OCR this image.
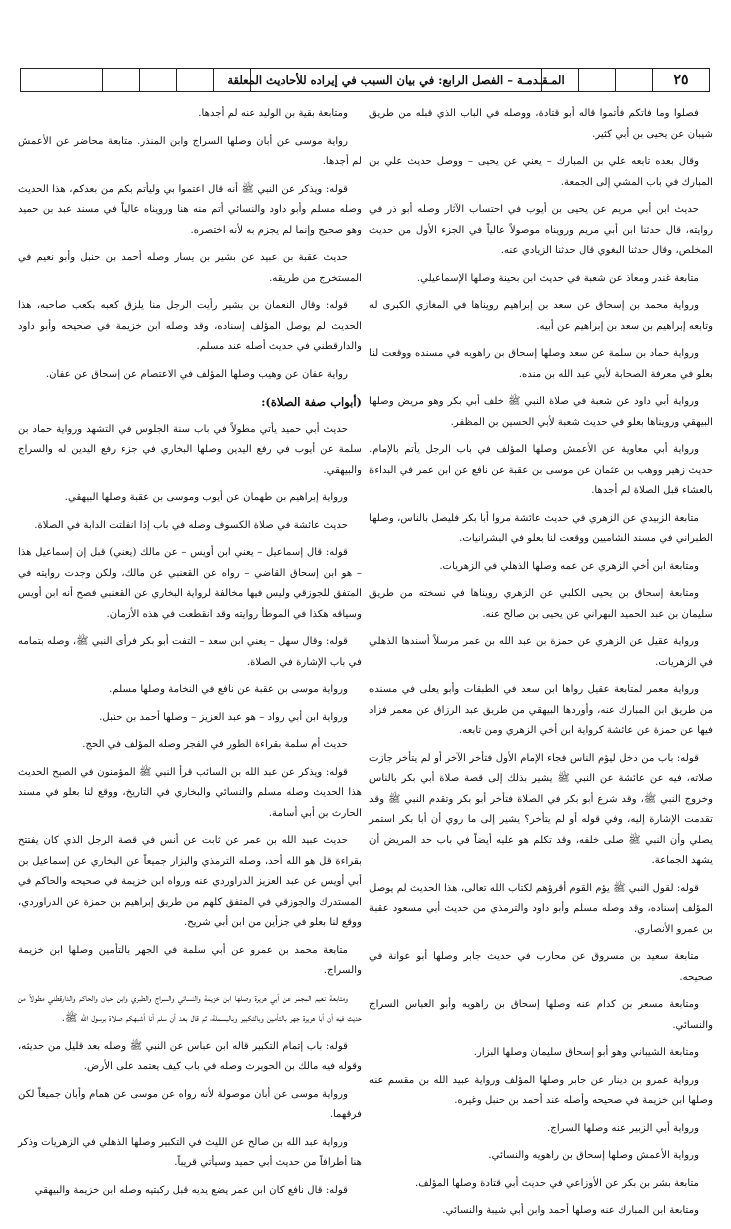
٢٥
المـقـدمـة – الفصل الرابع: في بيان السبب في إيراده للأحاديث المعلقة

فصلوا وما فاتكم فأتموا قاله أبو قتادة، ووصله في الباب الذي قبله من طريق شيبان عن يحيى بن أبي كثير.

وقال بعده تابعه علي بن المبارك – يعني عن يحيى – ووصل حديث علي بن المبارك في باب المشي إلى الجمعة.

حديث ابن أبي مريم عن يحيى بن أيوب في احتساب الآثار وصله أبو ذر في روايته، قال حدثنا ابن أبي مريم ورويناه موصولاً عالياً في الجزء الأول من حديث المخلص، وقال حدثنا البغوي قال حدثنا الزيادي عنه.

متابعة غندر ومعاذ عن شعبة في حديث ابن بحينة وصلها الإسماعيلي.

ورواية محمد بن إسحاق عن سعد بن إبراهيم رويناها في المغازي الكبرى له وتابعه إبراهيم بن سعد بن إبراهيم عن أبيه.

ورواية حماد بن سلمة عن سعد وصلها إسحاق بن راهويه في مسنده ووقعت لنا بعلو في معرفة الصحابة لأبي عبد الله بن منده.

ورواية أبي داود عن شعبة في صلاة النبي ﷺ خلف أبي بكر وهو مريض وصلها البيهقي ورويناها بعلو في حديث شعبة لأبي الحسين بن المظفر.

ورواية أبي معاوية عن الأعمش وصلها المؤلف في باب الرجل يأتم بالإمام. حديث زهير ووهب بن عثمان عن موسى بن عقبة عن نافع عن ابن عمر في البداءة بالعشاء قبل الصلاة لم أجدها.

متابعة الزبيدي عن الزهري في حديث عائشة مروا أبا بكر فليصل بالناس، وصلها الطبراني في مسند الشاميين ووقعت لنا بعلو في البشرانيات.

ومتابعة ابن أخي الزهري عن عمه وصلها الذهلي في الزهريات.

ومتابعة إسحاق بن يحيى الكلبي عن الزهري رويناها في نسخته من طريق سليمان بن عبد الحميد البهراني عن يحيى بن صالح عنه.

ورواية عقيل عن الزهري عن حمزة بن عبد الله بن عمر مرسلاً أسندها الذهلي في الزهريات.

ورواية معمر لمتابعة عقيل رواها ابن سعد في الطبقات وأبو يعلى في مسنده من طريق ابن المبارك عنه، وأوردها البيهقي من طريق عبد الرزاق عن معمر فزاد فيها عن حمزة عن عائشة كرواية ابن أخي الزهري ومن تابعه.

قوله: باب من دخل ليؤم الناس فجاء الإمام الأول فتأخر الآخر أو لم يتأخر جازت صلاته، فيه عن عائشة عن النبي ﷺ يشير بذلك إلى قصة صلاة أبي بكر بالناس وخروج النبي ﷺ، وقد شرع أبو بكر في الصلاة فتأخر أبو بكر وتقدم النبي ﷺ وقد تقدمت الإشارة إليه، وفي قوله أو لم يتأخر؟ يشير إلى ما روي أن أبا بكر استمر يصلي وأن النبي ﷺ صلى خلفه، وقد تكلم هو عليه أيضاً في باب حد المريض أن يشهد الجماعة.

قوله: لقول النبي ﷺ يؤم القوم أقرؤهم لكتاب الله تعالى، هذا الحديث لم يوصل المؤلف إسناده، وقد وصله مسلم وأبو داود والترمذي من حديث أبي مسعود عقبة بن عمرو الأنصاري.

متابعة سعيد بن مسروق عن محارب في حديث جابر وصلها أبو عوانة في صحيحه.

ومتابعة مسعر بن كدام عنه وصلها إسحاق بن راهويه وأبو العباس السراج والنسائي.

ومتابعة الشيباني وهو أبو إسحاق سليمان وصلها البزار.

ورواية عمرو بن دينار عن جابر وصلها المؤلف ورواية عبيد الله بن مقسم عنه وصلها ابن خزيمة في صحيحه وأصله عند أحمد بن حنبل وغيره.

ورواية أبي الزبير عنه وصلها السراج.

ورواية الأعمش وصلها إسحاق بن راهويه والنسائي.

متابعة بشر بن بكر عن الأوزاعي في حديث أبي قتادة وصلها المؤلف.

ومتابعة ابن المبارك عنه وصلها أحمد وابن أبي شيبة والنسائي.

ومتابعة بقية بن الوليد عنه لم أجدها.

رواية موسى عن أبان وصلها السراج وابن المنذر. متابعة محاضر عن الأعمش لم أجدها.

قوله: ويذكر عن النبي ﷺ أنه قال اعتموا بي وليأتم بكم من بعدكم، هذا الحديث وصله مسلم وأبو داود والنسائي أتم منه هنا ورويناه عالياً في مسند عبد بن حميد وهو صحيح وإنما لم يجزم به لأنه اختصره.

حديث عقبة بن عبيد عن بشير بن يسار وصله أحمد بن حنبل وأبو نعيم في المستخرج من طريقه.

قوله: وقال النعمان بن بشير رأيت الرجل منا يلزق كعبه بكعب صاحبه، هذا الحديث لم يوصل المؤلف إسناده، وقد وصله ابن خزيمة في صحيحه وأبو داود والدارقطني في حديث أصله عند مسلم.

رواية عفان عن وهيب وصلها المؤلف في الاعتصام عن إسحاق عن عفان.

(أبواب صفة الصلاة):

حديث أبي حميد يأتي مطولاً في باب سنة الجلوس في التشهد ورواية حماد بن سلمة عن أيوب في رفع اليدين وصلها البخاري في جزء رفع اليدين له والسراج والبيهقي.

ورواية إبراهيم بن طهمان عن أيوب وموسى بن عقبة وصلها البيهقي.

حديث عائشة في صلاة الكسوف وصله في باب إذا انفلتت الدابة في الصلاة.

قوله: قال إسماعيل – يعني ابن أويس – عن مالك (يعني) قبل إن إسماعيل هذا – هو ابن إسحاق القاضي – رواه عن القعنبي عن مالك، ولكن وجدت روايته في المتفق للجوزقي وليس فيها مخالفة لرواية البخاري عن القعنبي فصح أنه ابن أويس وسياقه هكذا في الموطأ روايته وقد انقطعت في هذه الأزمان.

قوله: وقال سهل – يعني ابن سعد – التفت أبو بكر فرأى النبي ﷺ، وصله بتمامه في باب الإشارة في الصلاة.

ورواية موسى بن عقبة عن نافع في النخامة وصلها مسلم.

ورواية ابن أبي رواد – هو عبد العزيز – وصلها أحمد بن حنبل.

حديث أم سلمة بقراءة الطور في الفجر وصله المؤلف في الحج.

قوله: ويذكر عن عبد الله بن السائب قرأ النبي ﷺ المؤمنون في الصبح الحديث هذا الحديث وصله مسلم والنسائي والبخاري في التاريخ، ووقع لنا بعلو في مسند الحارث بن أبي أسامة.

حديث عبيد الله بن عمر عن ثابت عن أنس في قصة الرجل الذي كان يفتتح بقراءة قل هو الله أحد، وصله الترمذي والبزار جميعاً عن البخاري عن إسماعيل بن أبي أويس عن عبد العزيز الدراوردي عنه ورواه ابن خزيمة في صحيحه والحاكم في المستدرك والجوزقي في المتفق كلهم من طريق إبراهيم بن حمزة عن الدراوردي، ووقع لنا بعلو في جزأين من ابن أبي شريح.

متابعة محمد بن عمرو عن أبي سلمة في الجهر بالتأمين وصلها ابن خزيمة والسراج.

ومتابعة نعيم المجمر عن أبي هريرة وصلها ابن خزيمة والنسائي والسراج والطبري وابن حبان والحاكم والدارقطني مطولاً من حديث فيه أن أبا هريرة جهر بالتأمين وبالتكبير وبالبسملة، ثم قال بعد أن سلم أنا أشبهكم صلاة برسول الله ﷺ.

قوله: باب إتمام التكبير قاله ابن عباس عن النبي ﷺ وصله بعد قليل من حديثه، وقوله فيه مالك بن الحويرث وصله في باب كيف يعتمد على الأرض.

ورواية موسى عن أبان موصولة لأنه رواه عن موسى عن همام وأبان جميعاً لكن فرقهما.

ورواية عبد الله بن صالح عن الليث في التكبير وصلها الذهلي في الزهريات وذكر هنا أطرافاً من حديث أبي حميد وسيأتي قريباً.

قوله: قال نافع كان ابن عمر يضع يديه قبل ركبتيه وصله ابن خزيمة والبيهقي
